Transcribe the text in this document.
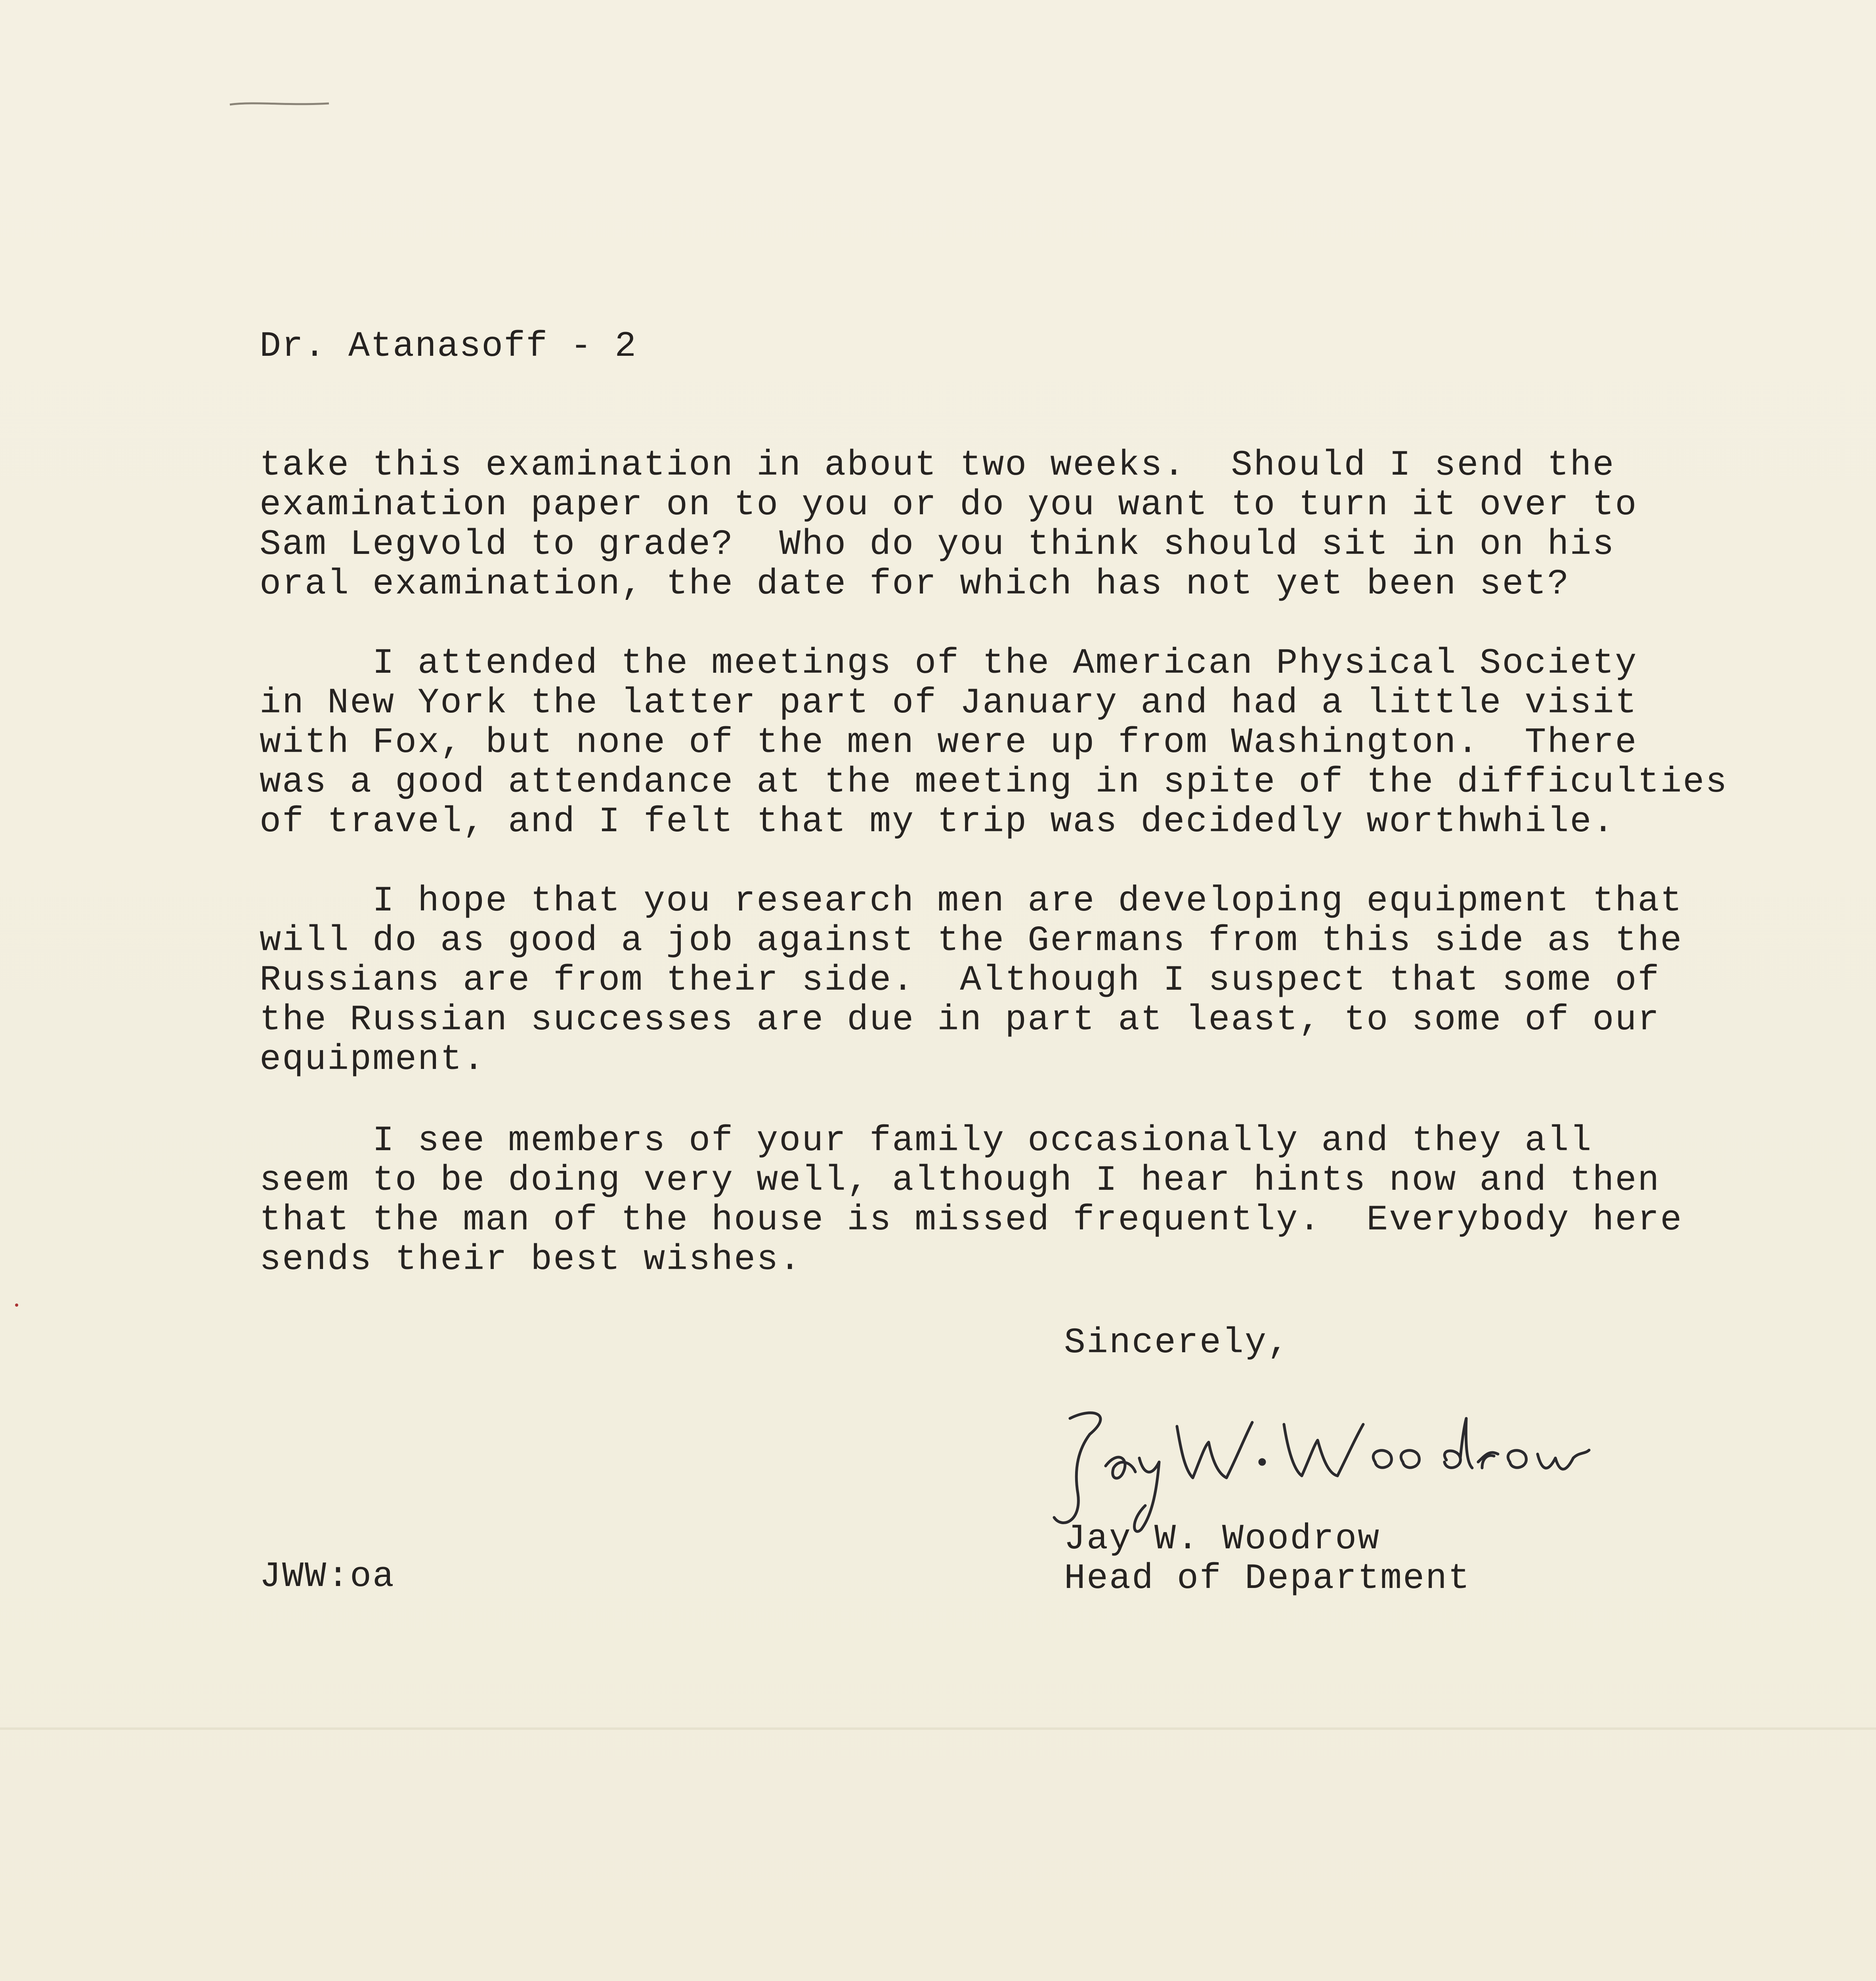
Dr. Atanasoff - 2
take this examination in about two weeks.  Should I send the
examination paper on to you or do you want to turn it over to
Sam Legvold to grade?  Who do you think should sit in on his
oral examination, the date for which has not yet been set?
I attended the meetings of the American Physical Society
in New York the latter part of January and had a little visit
with Fox, but none of the men were up from Washington.  There
was a good attendance at the meeting in spite of the difficulties
of travel, and I felt that my trip was decidedly worthwhile.
I hope that you research men are developing equipment that
will do as good a job against the Germans from this side as the
Russians are from their side.  Although I suspect that some of
the Russian successes are due in part at least, to some of our
equipment.
I see members of your family occasionally and they all
seem to be doing very well, although I hear hints now and then
that the man of the house is missed frequently.  Everybody here
sends their best wishes.
Sincerely,
Jay W. Woodrow
Head of Department
JWW:oa
